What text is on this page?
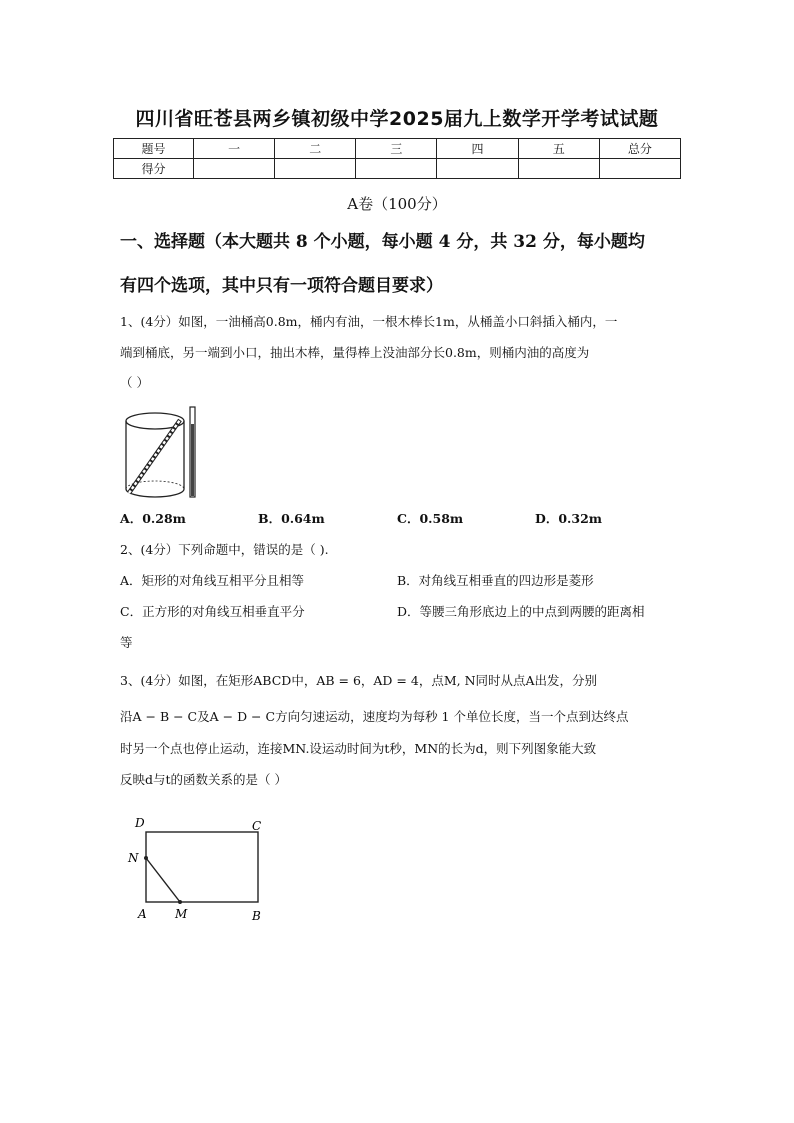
四川省旺苍县两乡镇初级中学2025届九上数学开学考试试题
题号	一	二	三	四	五	总分
得分						
A卷（100分）
一、选择题（本大题共 8 个小题，每小题 4 分，共 32 分，每小题均
有四个选项，其中只有一项符合题目要求）
1、(4分）如图，一油桶高0.8m，桶内有油，一根木棒长1m，从桶盖小口斜插入桶内，一
端到桶底，另一端到小口，抽出木棒，量得棒上没油部分长0.8m，则桶内油的高度为
（ ）
A．0.28m	B．0.64m	C．0.58m	D．0.32m
2、(4分）下列命题中，错误的是（ ).
A．矩形的对角线互相平分且相等	B．对角线互相垂直的四边形是菱形
C．正方形的对角线互相垂直平分	D．等腰三角形底边上的中点到两腰的距离相
等
3、(4分）如图，在矩形ABCD中，AB = 6，AD = 4，点M, N同时从点A出发，分别
沿A − B − C及A − D − C方向匀速运动，速度均为每秒 1 个单位长度，当一个点到达终点
时另一个点也停止运动，连接MN.设运动时间为t秒，MN的长为d，则下列图象能大致
反映d与t的函数关系的是（ ）
D	C
N
A M	B
